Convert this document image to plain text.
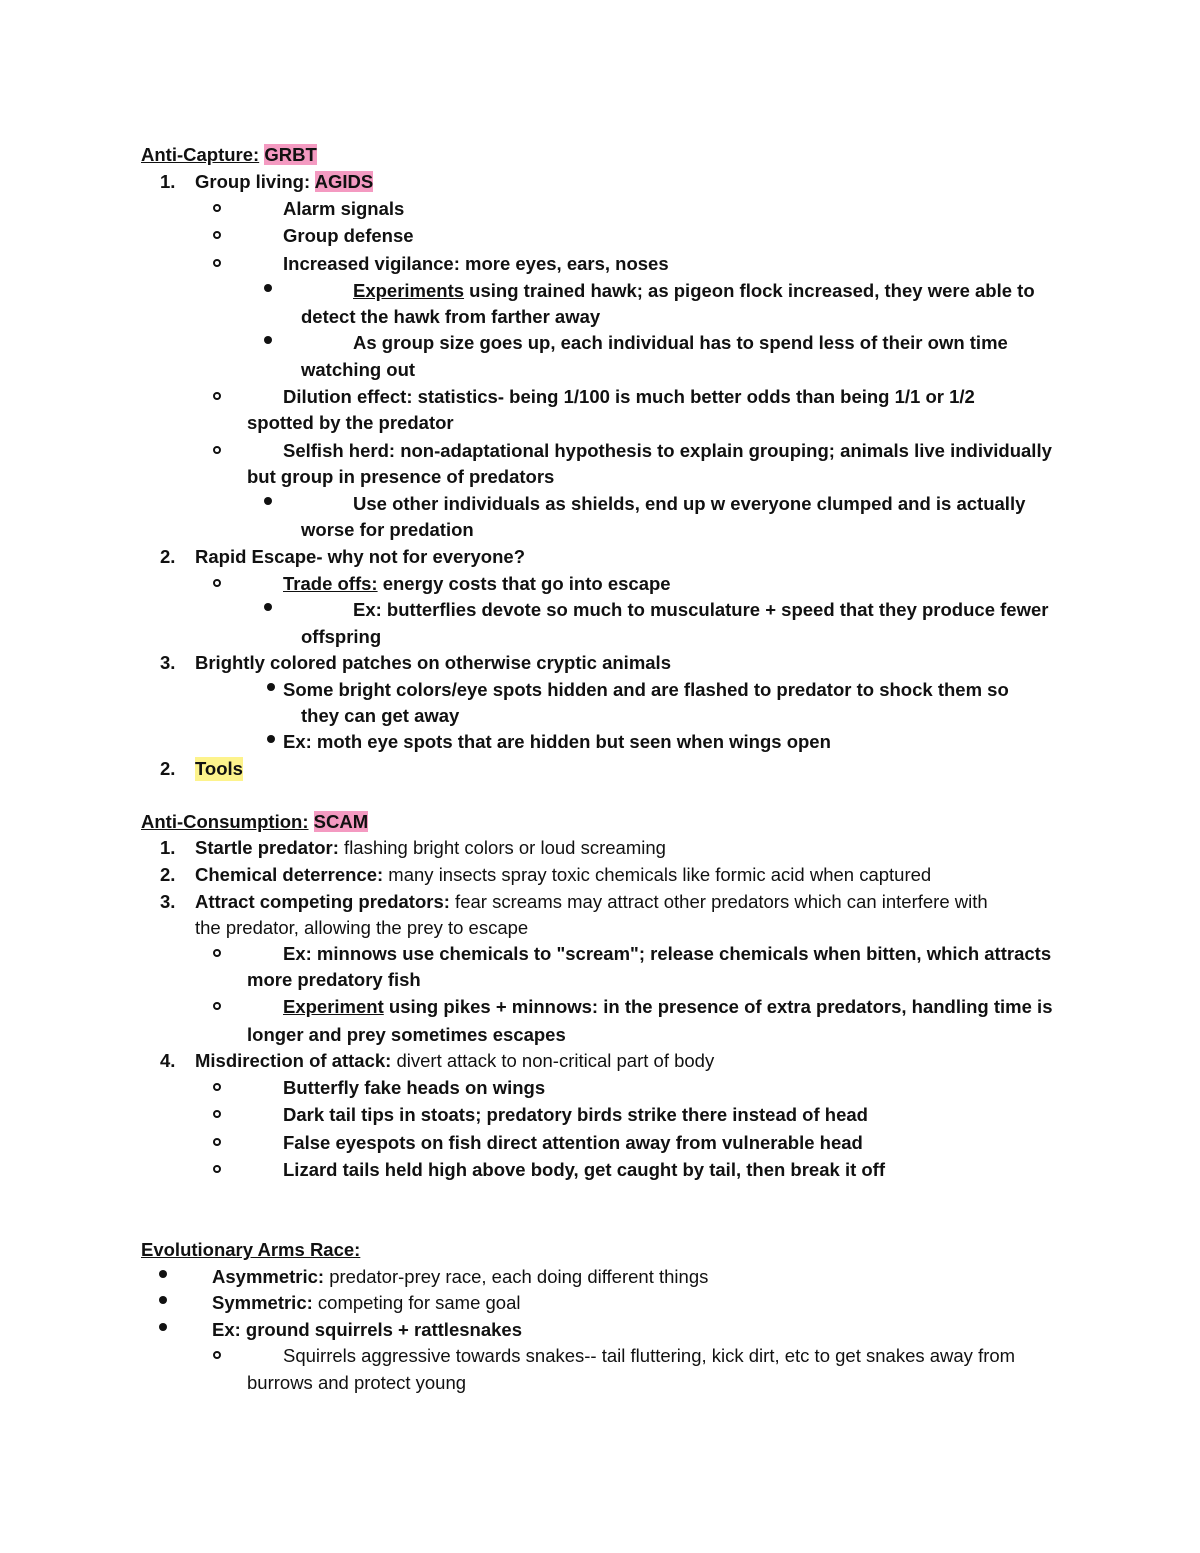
Anti-Capture: GRBT
1. Group living: AGIDS
Alarm signals
Group defense
Increased vigilance: more eyes, ears, noses
Experiments using trained hawk; as pigeon flock increased, they were able to
detect the hawk from farther away
As group size goes up, each individual has to spend less of their own time
watching out
Dilution effect: statistics- being 1/100 is much better odds than being 1/1 or 1/2
spotted by the predator
Selfish herd: non-adaptational hypothesis to explain grouping; animals live individually
but group in presence of predators
Use other individuals as shields, end up w everyone clumped and is actually
worse for predation
2. Rapid Escape- why not for everyone?
Trade offs: energy costs that go into escape
Ex: butterflies devote so much to musculature + speed that they produce fewer
offspring
3. Brightly colored patches on otherwise cryptic animals
Some bright colors/eye spots hidden and are flashed to predator to shock them so
they can get away
Ex: moth eye spots that are hidden but seen when wings open
2. Tools
Anti-Consumption: SCAM
1. Startle predator: flashing bright colors or loud screaming
2. Chemical deterrence: many insects spray toxic chemicals like formic acid when captured
3. Attract competing predators: fear screams may attract other predators which can interfere with
the predator, allowing the prey to escape
Ex: minnows use chemicals to "scream"; release chemicals when bitten, which attracts
more predatory fish
Experiment using pikes + minnows: in the presence of extra predators, handling time is
longer and prey sometimes escapes
4. Misdirection of attack: divert attack to non-critical part of body
Butterfly fake heads on wings
Dark tail tips in stoats; predatory birds strike there instead of head
False eyespots on fish direct attention away from vulnerable head
Lizard tails held high above body, get caught by tail, then break it off
Evolutionary Arms Race:
Asymmetric: predator-prey race, each doing different things
Symmetric: competing for same goal
Ex: ground squirrels + rattlesnakes
Squirrels aggressive towards snakes-- tail fluttering, kick dirt, etc to get snakes away from
burrows and protect young
